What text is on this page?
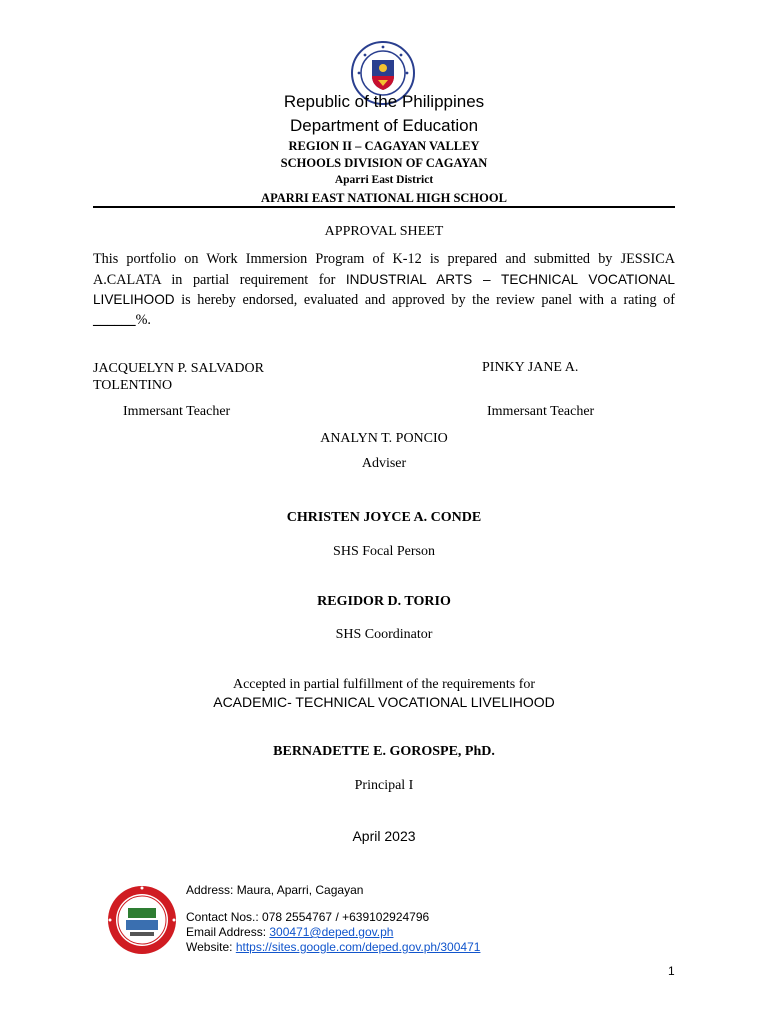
Republic of the Philippines
Department of Education
REGION II – CAGAYAN VALLEY
SCHOOLS DIVISION OF CAGAYAN
Aparri East District
APARRI EAST NATIONAL HIGH SCHOOL
APPROVAL SHEET
This portfolio on Work Immersion Program of K-12 is prepared and submitted by JESSICA A.CALATA in partial requirement for INDUSTRIAL ARTS – TECHNICAL VOCATIONAL LIVELIHOOD is hereby endorsed, evaluated and approved by the review panel with a rating of ______%.
JACQUELYN P. SALVADOR
TOLENTINO
PINKY JANE A.
Immersant Teacher	Immersant Teacher
ANALYN T. PONCIO
Adviser
CHRISTEN JOYCE A. CONDE
SHS Focal Person
REGIDOR D. TORIO
SHS Coordinator
Accepted in partial fulfillment of the requirements for
ACADEMIC- TECHNICAL VOCATIONAL LIVELIHOOD
BERNADETTE E. GOROSPE, PhD.
Principal I
April 2023
Address: Maura, Aparri, Cagayan
Contact Nos.: 078 2554767 / +639102924796
Email Address: 300471@deped.gov.ph
Website: https://sites.google.com/deped.gov.ph/300471
1
